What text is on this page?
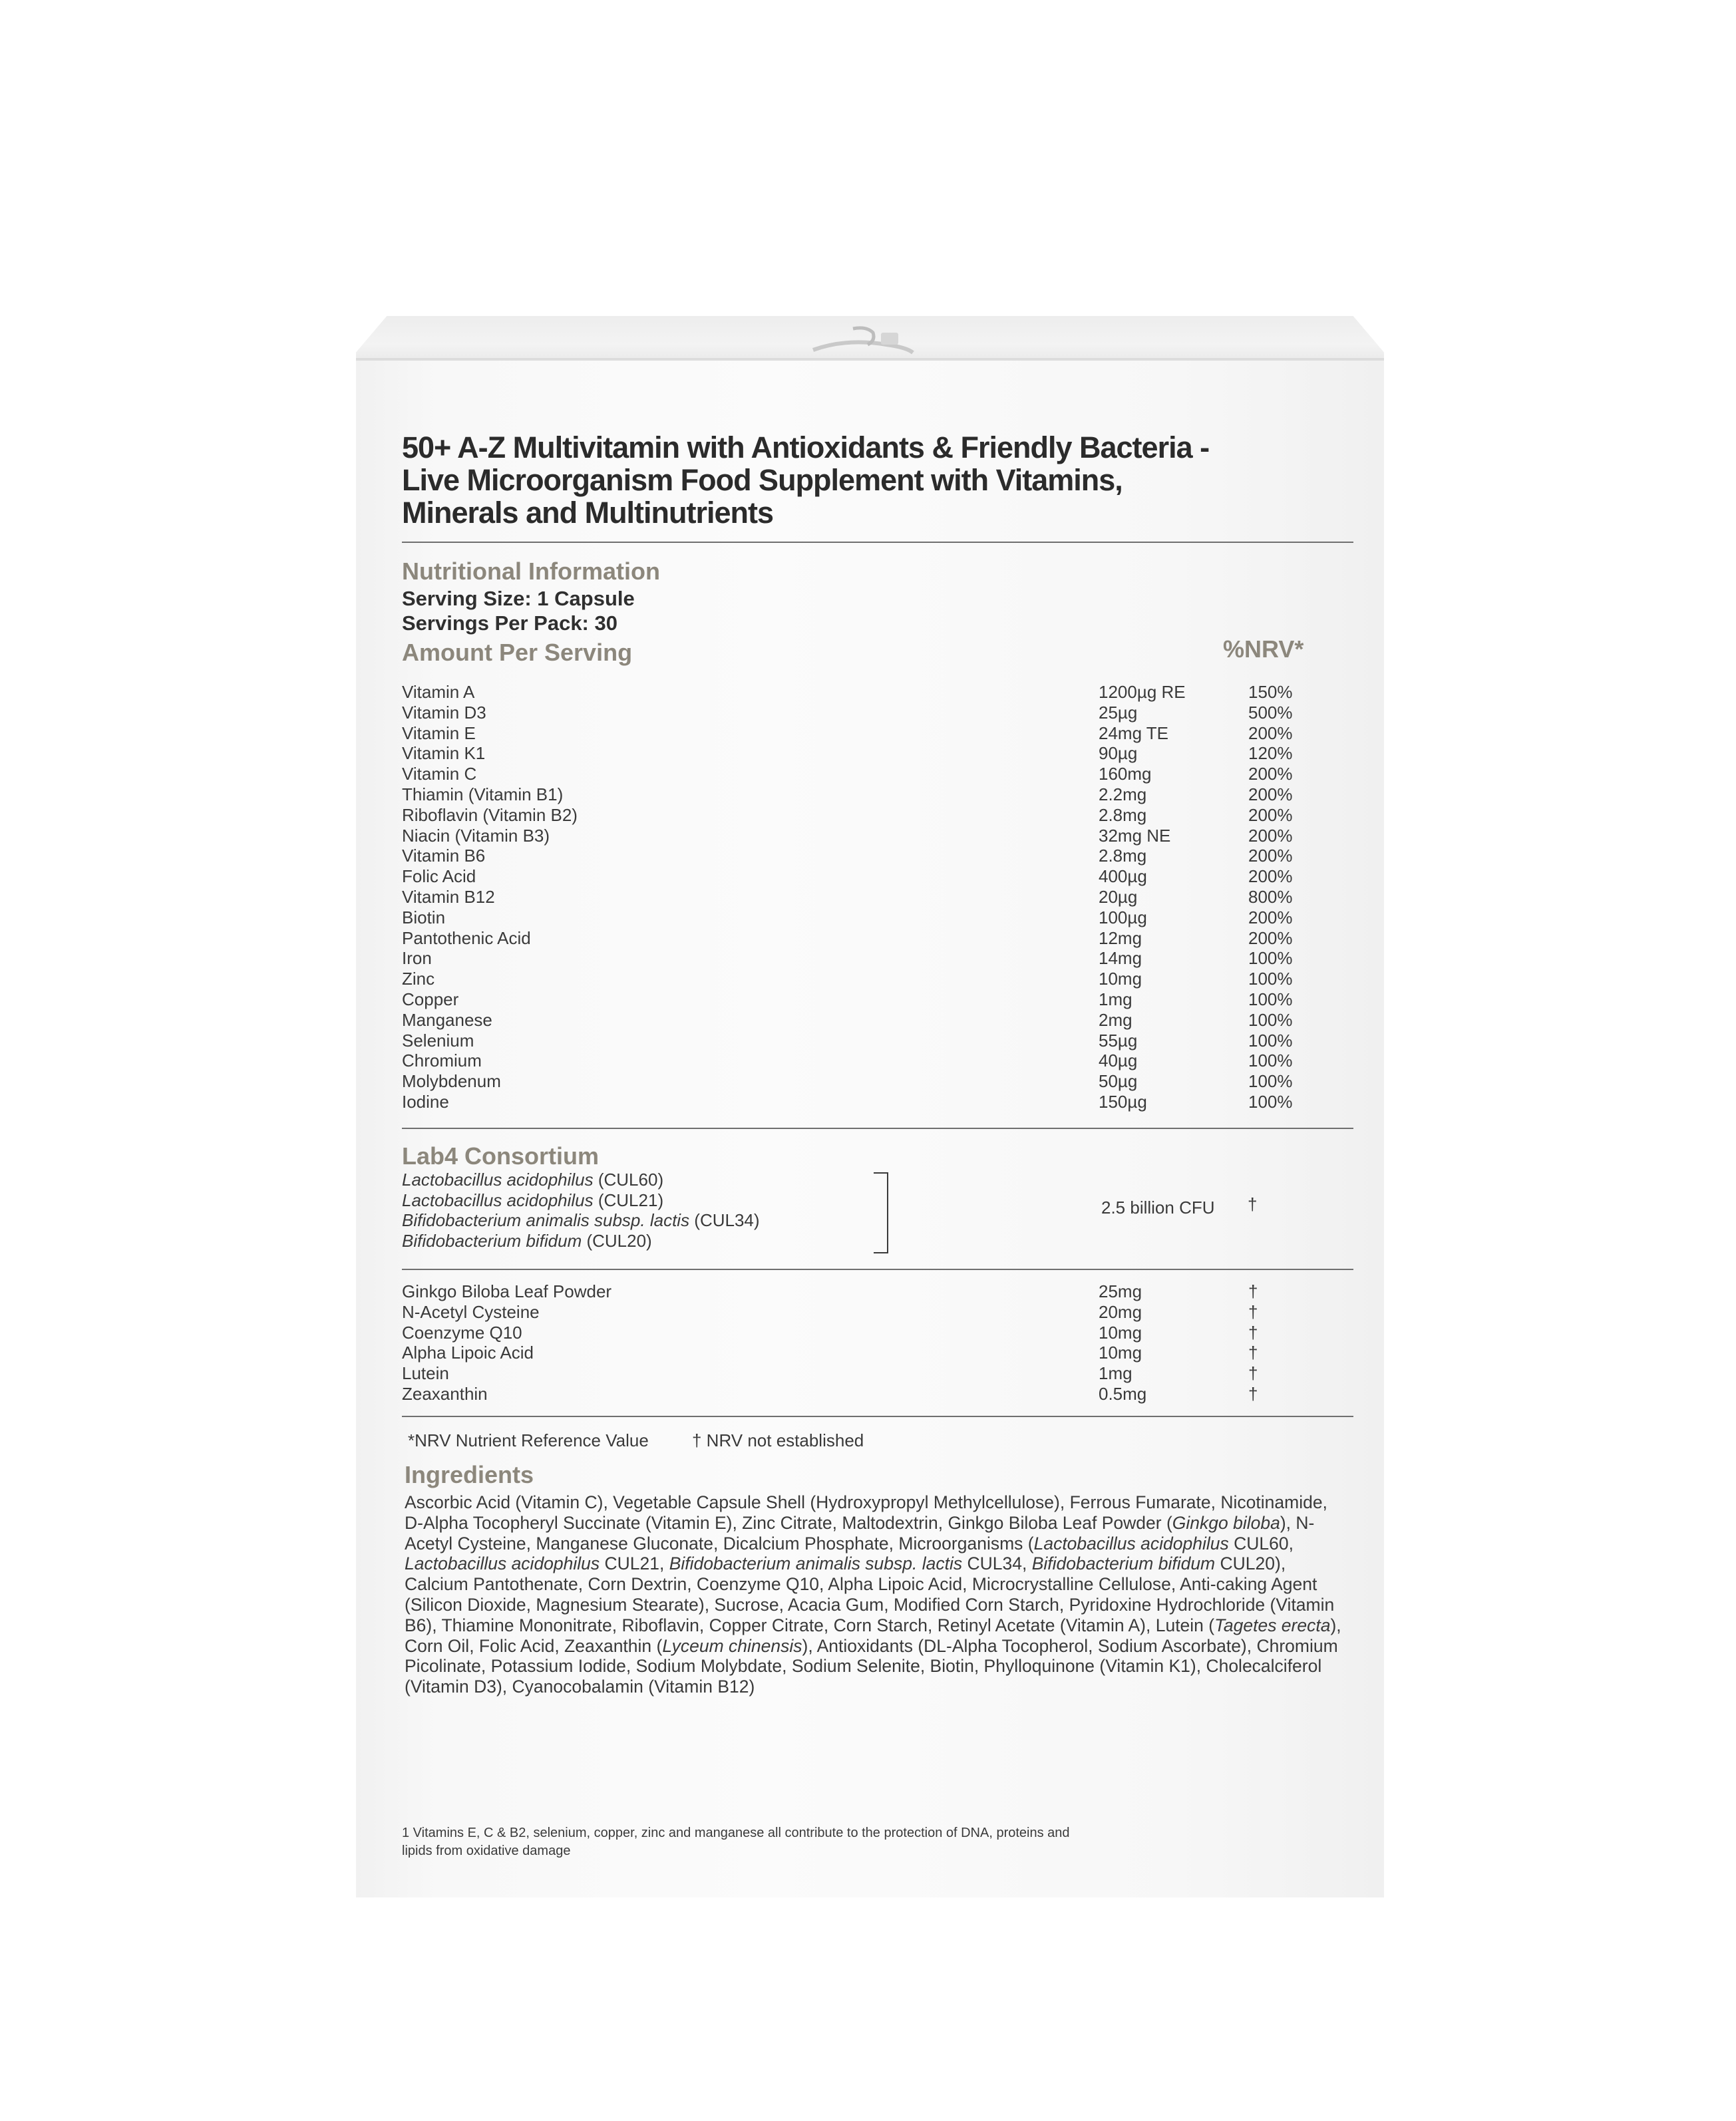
50+ A-Z Multivitamin with Antioxidants & Friendly Bacteria -
Live Microorganism Food Supplement with Vitamins,
Minerals and Multinutrients
Nutritional Information
Serving Size: 1 Capsule
Servings Per Pack: 30
Amount Per Serving	%NRV*
Vitamin A	1200µg RE	150%
Vitamin D3	25µg	500%
Vitamin E	24mg TE	200%
Vitamin K1	90µg	120%
Vitamin C	160mg	200%
Thiamin (Vitamin B1)	2.2mg	200%
Riboflavin (Vitamin B2)	2.8mg	200%
Niacin (Vitamin B3)	32mg NE	200%
Vitamin B6	2.8mg	200%
Folic Acid	400µg	200%
Vitamin B12	20µg	800%
Biotin	100µg	200%
Pantothenic Acid	12mg	200%
Iron	14mg	100%
Zinc	10mg	100%
Copper	1mg	100%
Manganese	2mg	100%
Selenium	55µg	100%
Chromium	40µg	100%
Molybdenum	50µg	100%
Iodine	150µg	100%
Lab4 Consortium
Lactobacillus acidophilus (CUL60)
Lactobacillus acidophilus (CUL21)
Bifidobacterium animalis subsp. lactis (CUL34)
Bifidobacterium bifidum (CUL20)
2.5 billion CFU †
Ginkgo Biloba Leaf Powder	25mg	†
N-Acetyl Cysteine	20mg	†
Coenzyme Q10	10mg	†
Alpha Lipoic Acid	10mg	†
Lutein	1mg	†
Zeaxanthin	0.5mg	†
*NRV Nutrient Reference Value	† NRV not established
Ingredients
Ascorbic Acid (Vitamin C), Vegetable Capsule Shell (Hydroxypropyl Methylcellulose), Ferrous Fumarate, Nicotinamide, D-Alpha Tocopheryl Succinate (Vitamin E), Zinc Citrate, Maltodextrin, Ginkgo Biloba Leaf Powder (Ginkgo biloba), N-Acetyl Cysteine, Manganese Gluconate, Dicalcium Phosphate, Microorganisms (Lactobacillus acidophilus CUL60, Lactobacillus acidophilus CUL21, Bifidobacterium animalis subsp. lactis CUL34, Bifidobacterium bifidum CUL20), Calcium Pantothenate, Corn Dextrin, Coenzyme Q10, Alpha Lipoic Acid, Microcrystalline Cellulose, Anti-caking Agent (Silicon Dioxide, Magnesium Stearate), Sucrose, Acacia Gum, Modified Corn Starch, Pyridoxine Hydrochloride (Vitamin B6), Thiamine Mononitrate, Riboflavin, Copper Citrate, Corn Starch, Retinyl Acetate (Vitamin A), Lutein (Tagetes erecta), Corn Oil, Folic Acid, Zeaxanthin (Lyceum chinensis), Antioxidants (DL-Alpha Tocopherol, Sodium Ascorbate), Chromium Picolinate, Potassium Iodide, Sodium Molybdate, Sodium Selenite, Biotin, Phylloquinone (Vitamin K1), Cholecalciferol (Vitamin D3), Cyanocobalamin (Vitamin B12)
1 Vitamins E, C & B2, selenium, copper, zinc and manganese all contribute to the protection of DNA, proteins and
lipids from oxidative damage
